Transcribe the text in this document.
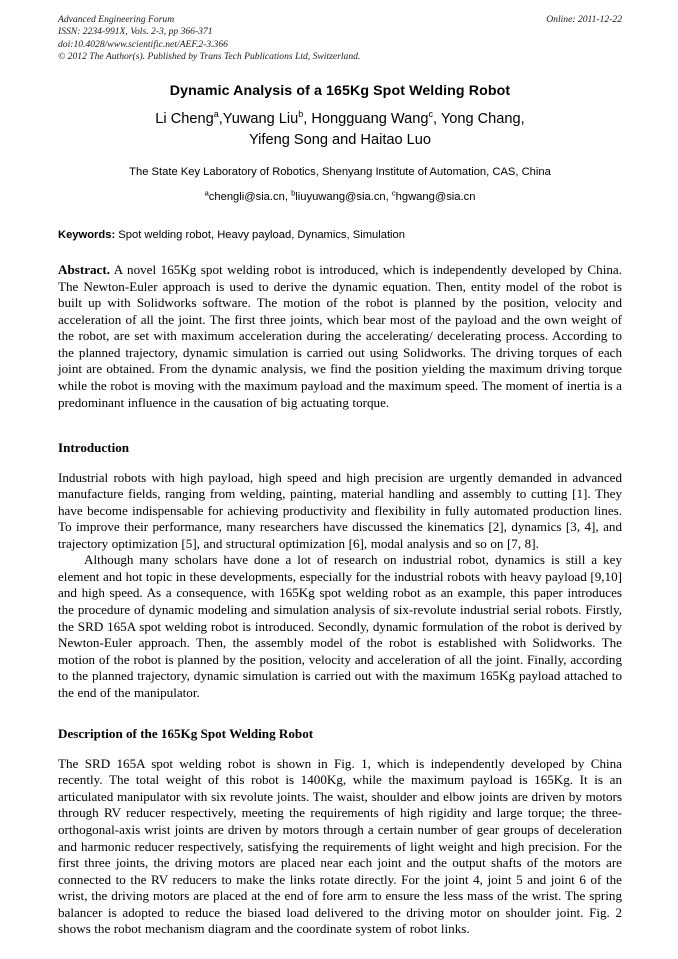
Advanced Engineering Forum
ISSN: 2234-991X, Vols. 2-3, pp 366-371
doi:10.4028/www.scientific.net/AEF.2-3.366
© 2012 The Author(s). Published by Trans Tech Publications Ltd, Switzerland.
Online: 2011-12-22
Dynamic Analysis of a 165Kg Spot Welding Robot
Li Cheng$^a$,Yuwang Liu$^b$, Hongguang Wang$^c$, Yong Chang,
Yifeng Song and Haitao Luo
The State Key Laboratory of Robotics, Shenyang Institute of Automation, CAS, China
$^a$chengli@sia.cn, $^b$liuyuwang@sia.cn, $^c$hgwang@sia.cn
Keywords: Spot welding robot, Heavy payload, Dynamics, Simulation

Abstract. A novel 165Kg spot welding robot is introduced, which is independently developed by China. The Newton-Euler approach is used to derive the dynamic equation. Then, entity model of the robot is built up with Solidworks software. The motion of the robot is planned by the position, velocity and acceleration of all the joint. The first three joints, which bear most of the payload and the own weight of the robot, are set with maximum acceleration during the accelerating/ decelerating process. According to the planned trajectory, dynamic simulation is carried out using Solidworks. The driving torques of each joint are obtained. From the dynamic analysis, we find the position yielding the maximum driving torque while the robot is moving with the maximum payload and the maximum speed. The moment of inertia is a predominant influence in the causation of big actuating torque.

Introduction

Industrial robots with high payload, high speed and high precision are urgently demanded in advanced manufacture fields, ranging from welding, painting, material handling and assembly to cutting [1]. They have become indispensable for achieving productivity and flexibility in fully automated production lines. To improve their performance, many researchers have discussed the kinematics [2], dynamics [3, 4], and trajectory optimization [5], and structural optimization [6], modal analysis and so on [7, 8].

Although many scholars have done a lot of research on industrial robot, dynamics is still a key element and hot topic in these developments, especially for the industrial robots with heavy payload [9,10] and high speed. As a consequence, with 165Kg spot welding robot as an example, this paper introduces the procedure of dynamic modeling and simulation analysis of six-revolute industrial serial robots. Firstly, the SRD 165A spot welding robot is introduced. Secondly, dynamic formulation of the robot is derived by Newton-Euler approach. Then, the assembly model of the robot is established with Solidworks. The motion of the robot is planned by the position, velocity and acceleration of all the joint. Finally, according to the planned trajectory, dynamic simulation is carried out with the maximum 165Kg payload attached to the end of the manipulator.

Description of the 165Kg Spot Welding Robot

The SRD 165A spot welding robot is shown in Fig. 1, which is independently developed by China recently. The total weight of this robot is 1400Kg, while the maximum payload is 165Kg. It is an articulated manipulator with six revolute joints. The waist, shoulder and elbow joints are driven by motors through RV reducer respectively, meeting the requirements of high rigidity and large torque; the three-orthogonal-axis wrist joints are driven by motors through a certain number of gear groups of deceleration and harmonic reducer respectively, satisfying the requirements of light weight and high precision. For the first three joints, the driving motors are placed near each joint and the output shafts of the motors are connected to the RV reducers to make the links rotate directly. For the joint 4, joint 5 and joint 6 of the wrist, the driving motors are placed at the end of fore arm to ensure the less mass of the wrist. The spring balancer is adopted to reduce the biased load delivered to the driving motor on shoulder joint. Fig. 2 shows the robot mechanism diagram and the coordinate system of robot links.
